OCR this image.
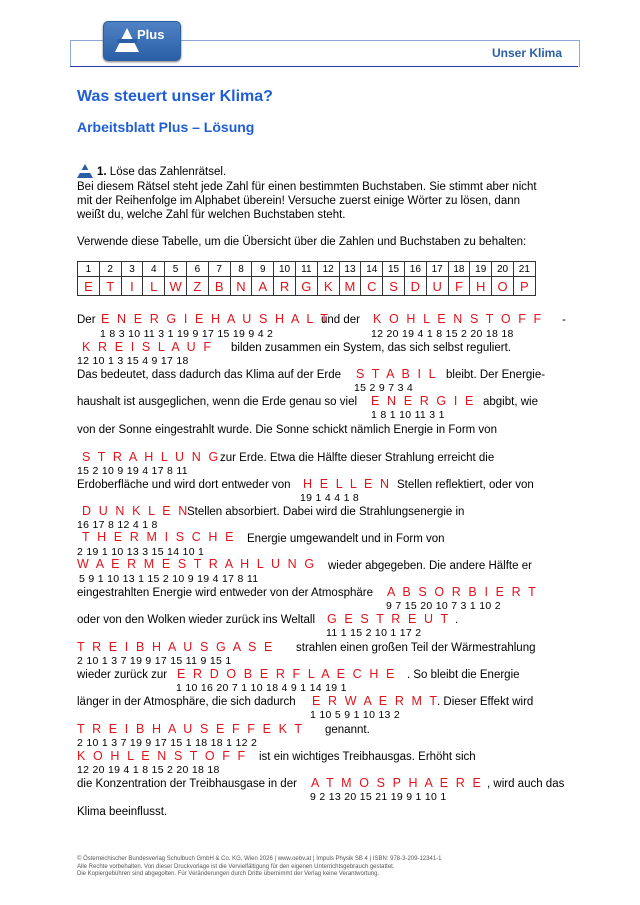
Plus
Unser Klima
Was steuert unser Klima?
Arbeitsblatt Plus – Lösung
1. Löse das Zahlenrätsel.
Bei diesem Rätsel steht jede Zahl für einen bestimmten Buchstaben. Sie stimmt aber nicht
mit der Reihenfolge im Alphabet überein! Versuche zuerst einige Wörter zu lösen, dann
weißt du, welche Zahl für welchen Buchstaben steht.
Verwende diese Tabelle, um die Übersicht über die Zahlen und Buchstaben zu behalten:
1	2	3	4	5	6	7	8	9	10	11	12	13	14	15	16	17	18	19	20	21
E	T	I	L	W	Z	B	N	A	R	G	K	M	C	S	D	U	F	H	O	P
Der E N E R G I E H A U S H A L T
und der K O H L E N S T O F F -
1 8 3 10 11 3 1 19 9 17 15 19 9 4 2	12 20 19 4 1 8 15 2 20 18 18
K R E I S L A U F bilden zusammen ein System, das sich selbst reguliert.
12 10 1 3 15 4 9 17 18
Das bedeutet, dass dadurch das Klima auf der Erde S T A B I L bleibt. Der Energie-
15 2 9 7 3 4
haushalt ist ausgeglichen, wenn die Erde genau so viel E N E R G I E abgibt, wie
1 8 1 10 11 3 1
von der Sonne eingestrahlt wurde. Die Sonne schickt nämlich Energie in Form von
S T R A H L U N G zur Erde. Etwa die Hälfte dieser Strahlung erreicht die
15 2 10 9 19 4 17 8 11
Erdoberfläche und wird dort entweder von H E L L E N Stellen reflektiert, oder von
19 1 4 4 1 8
D U N K L E N
Stellen absorbiert. Dabei wird die Strahlungsenergie in
16 17 8 12 4 1 8
T H E R M I S C H E Energie umgewandelt und in Form von
2 19 1 10 13 3 15 14 10 1
W A E R M E S T R A H L U N G wieder abgegeben. Die andere Hälfte er
5 9 1 10 13 1 15 2 10 9 19 4 17 8 11
eingestrahlten Energie wird entweder von der Atmosphäre A B S O R B I E R T
9 7 15 20 10 7 3 1 10 2
oder von den Wolken wieder zurück ins Weltall G E S T R E U T .
11 1 15 2 10 1 17 2
T R E I B H A U S G A S E strahlen einen großen Teil der Wärmestrahlung
2 10 1 3 7 19 9 17 15 11 9 15 1
wieder zurück zur E R D O B E R F L A E C H E . So bleibt die Energie
1 10 16 20 7 1 10 18 4 9 1 14 19 1
länger in der Atmosphäre, die sich dadurch E R W A E R M T
. Dieser Effekt wird
1 10 5 9 1 10 13 2
T R E I B H A U S E F F E K T genannt.
2 10 1 3 7 19 9 17 15 1 18 18 1 12 2
K O H L E N S T O F F ist ein wichtiges Treibhausgas. Erhöht sich
12 20 19 4 1 8 15 2 20 18 18
die Konzentration der Treibhausgase in der A T M O S P H A E R E , wird auch das
9 2 13 20 15 21 19 9 1 10 1
Klima beeinflusst.
© Österreichischer Bundesverlag Schulbuch GmbH & Co. KG, Wien 2026 | www.oebv.at | Impuls Physik SB 4 | ISBN: 978-3-209-12341-1
Alle Rechte vorbehalten. Von dieser Druckvorlage ist die Vervielfältigung für den eigenen Unterrichtsgebrauch gestattet.
Die Kopiergebühren sind abgegolten. Für Veränderungen durch Dritte übernimmt der Verlag keine Verantwortung.
